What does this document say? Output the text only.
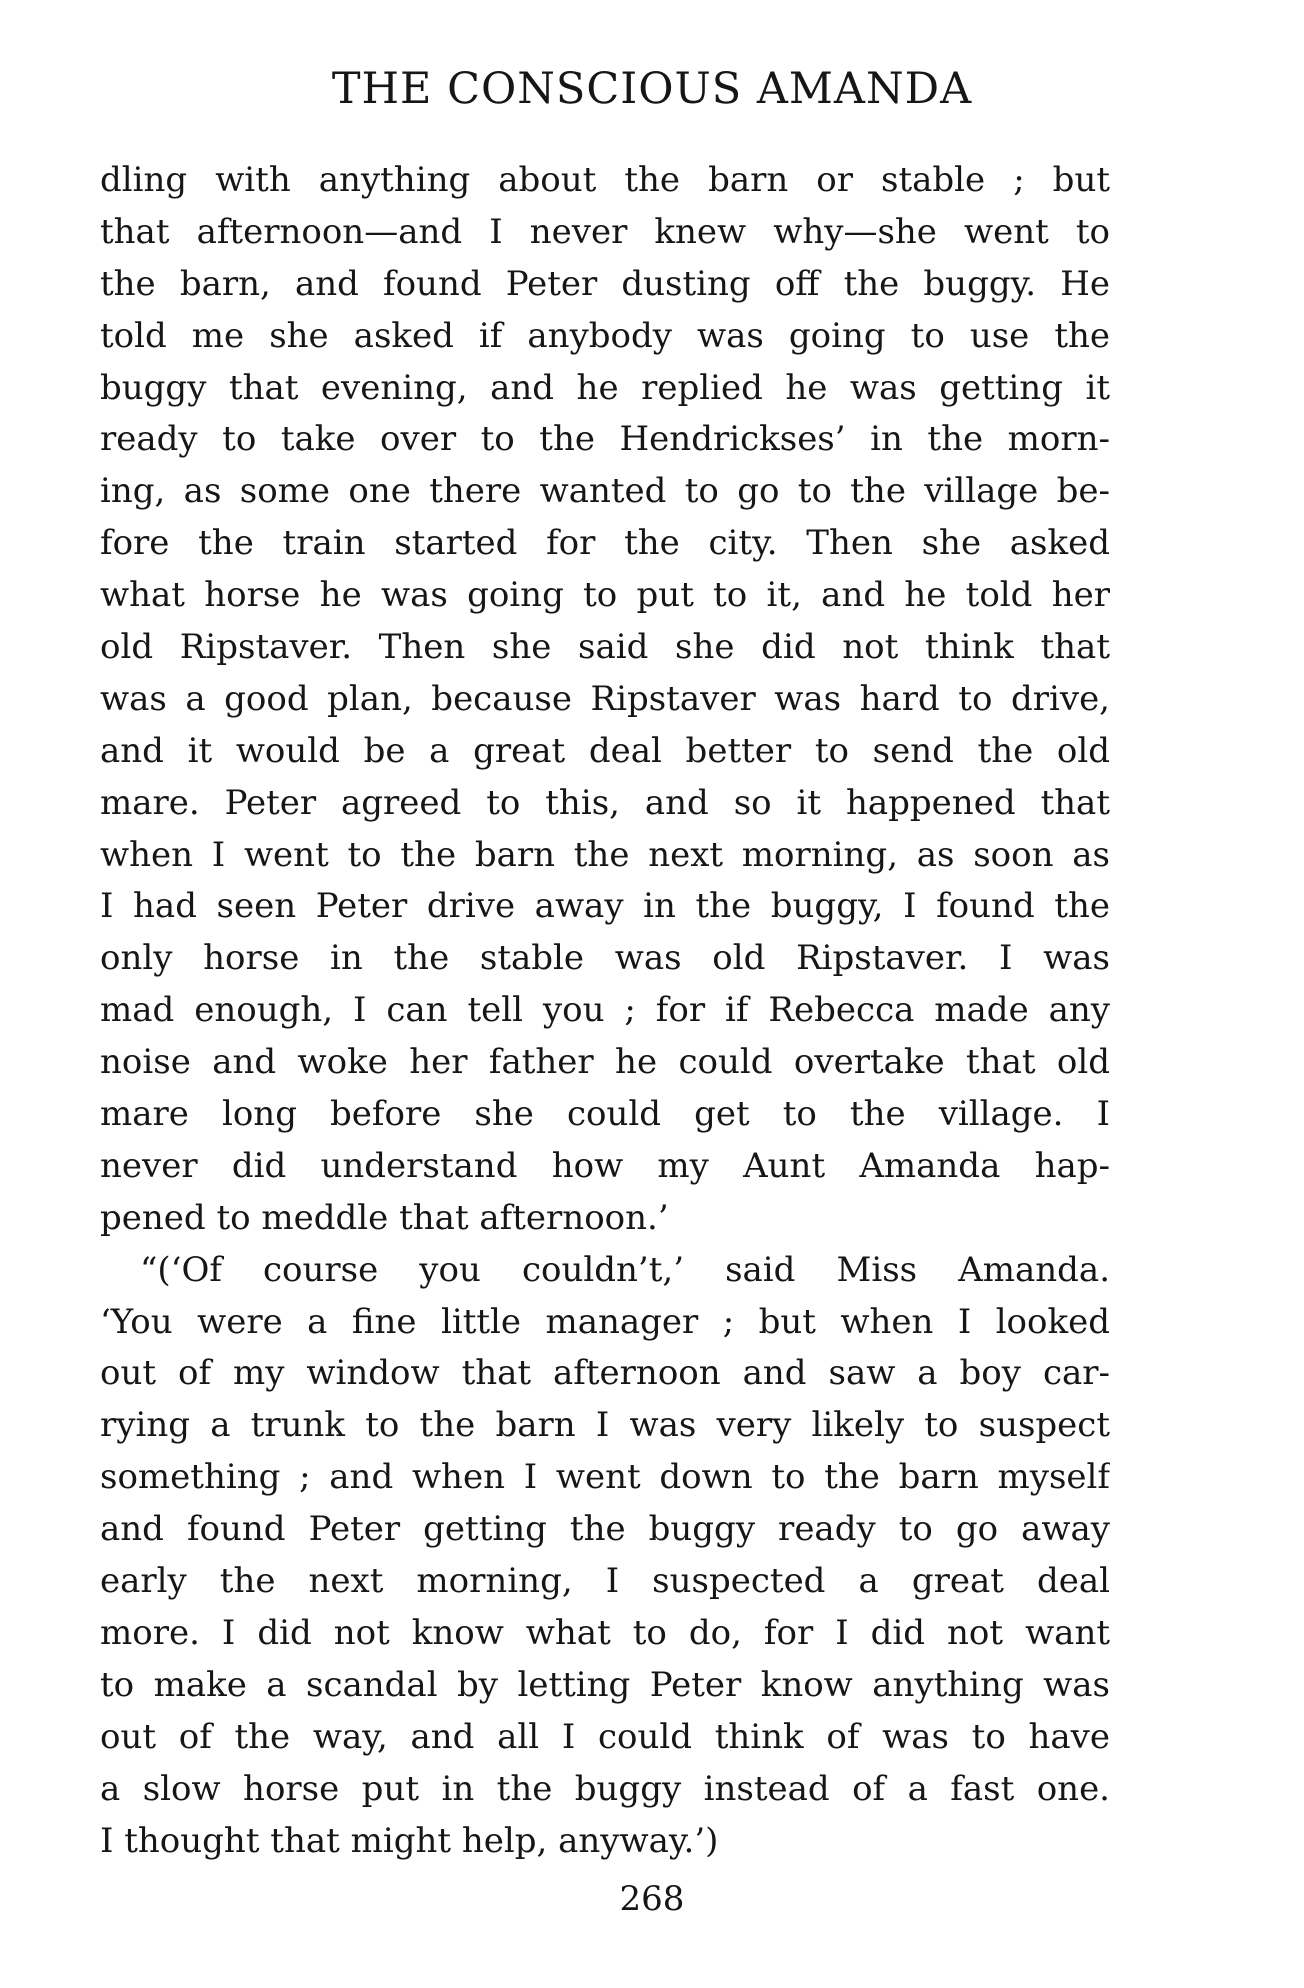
THE CONSCIOUS AMANDA
dling with anything about the barn or stable ; but
that afternoon—and I never knew why—she went to
the barn, and found Peter dusting off the buggy. He
told me she asked if anybody was going to use the
buggy that evening, and he replied he was getting it
ready to take over to the Hendrickses’ in the morn-
ing, as some one there wanted to go to the village be-
fore the train started for the city. Then she asked
what horse he was going to put to it, and he told her
old Ripstaver. Then she said she did not think that
was a good plan, because Ripstaver was hard to drive,
and it would be a great deal better to send the old
mare. Peter agreed to this, and so it happened that
when I went to the barn the next morning, as soon as
I had seen Peter drive away in the buggy, I found the
only horse in the stable was old Ripstaver. I was
mad enough, I can tell you ; for if Rebecca made any
noise and woke her father he could overtake that old
mare long before she could get to the village. I
never did understand how my Aunt Amanda hap-
pened to meddle that afternoon.’
“(‘Of course you couldn’t,’ said Miss Amanda.
‘You were a fine little manager ; but when I looked
out of my window that afternoon and saw a boy car-
rying a trunk to the barn I was very likely to suspect
something ; and when I went down to the barn myself
and found Peter getting the buggy ready to go away
early the next morning, I suspected a great deal
more. I did not know what to do, for I did not want
to make a scandal by letting Peter know anything was
out of the way, and all I could think of was to have
a slow horse put in the buggy instead of a fast one.
I thought that might help, anyway.’)
268
